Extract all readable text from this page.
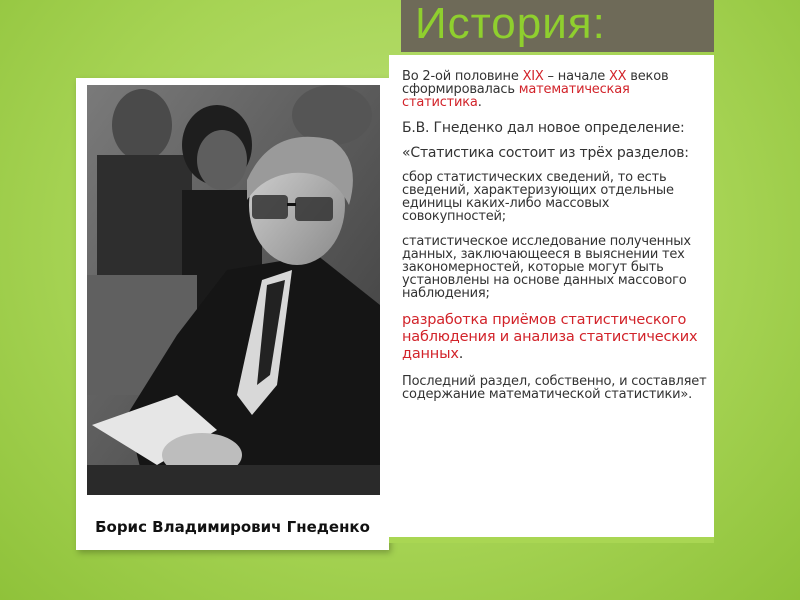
История:
Борис Владимирович Гнеденко

Во 2-ой половине XIX – начале XX веков сформировалась математическая статистика.

Б.В. Гнеденко дал новое определение:

«Статистика состоит из трёх разделов:

сбор статистических сведений, то есть сведений, характеризующих отдельные единицы каких-либо массовых совокупностей;

статистическое исследование полученных данных, заключающееся в выяснении тех закономерностей, которые могут быть установлены на основе данных массового наблюдения;

разработка приёмов статистического наблюдения и анализа статистических данных.

Последний раздел, собственно, и составляет содержание математической статистики».
